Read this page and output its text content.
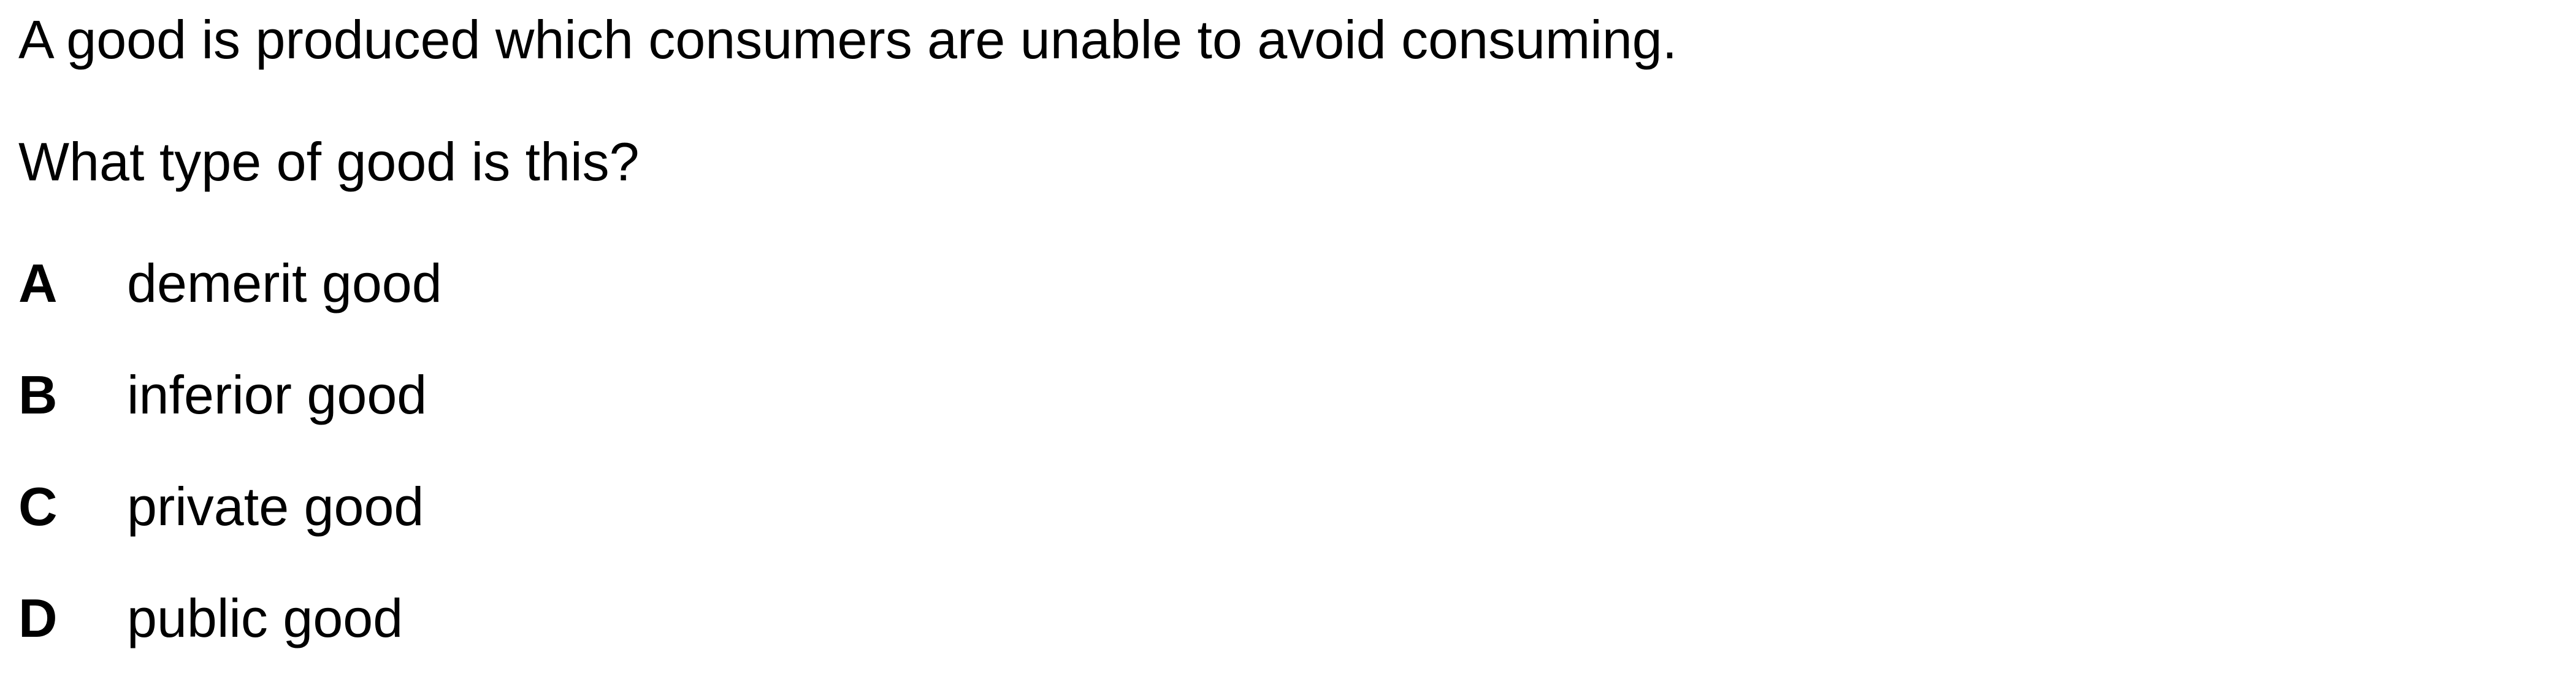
A good is produced which consumers are unable to avoid consuming.
What type of good is this?
A demerit good
B inferior good
C private good
D public good
